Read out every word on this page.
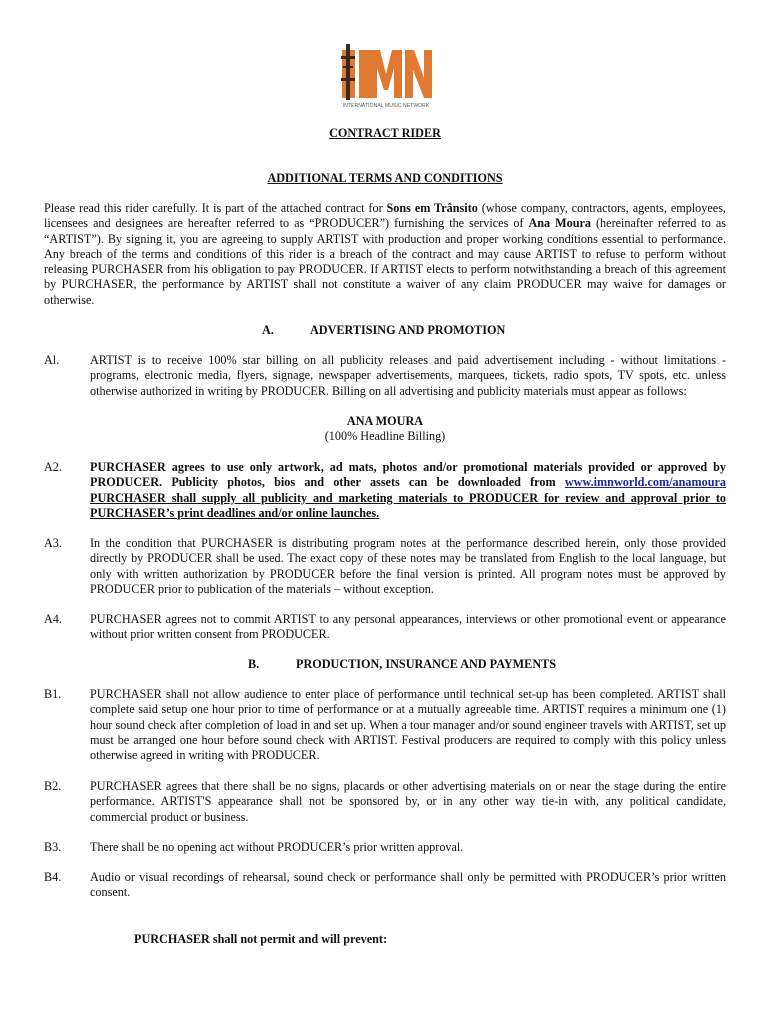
INTERNATIONAL MUSIC NETWORK
CONTRACT RIDER
ADDITIONAL TERMS AND CONDITIONS
Please read this rider carefully. It is part of the attached contract for Sons em Trânsito (whose company, contractors, agents, employees, licensees and designees are hereafter referred to as “PRODUCER”) furnishing the services of Ana Moura (hereinafter referred to as “ARTIST”). By signing it, you are agreeing to supply ARTIST with production and proper working conditions essential to performance. Any breach of the terms and conditions of this rider is a breach of the contract and may cause ARTIST to refuse to perform without releasing PURCHASER from his obligation to pay PRODUCER. If ARTIST elects to perform notwithstanding a breach of this agreement by PURCHASER, the performance by ARTIST shall not constitute a waiver of any claim PRODUCER may waive for damages or otherwise.
A.	ADVERTISING AND PROMOTION
Al.	ARTIST is to receive 100% star billing on all publicity releases and paid advertisement including - without limitations - programs, electronic media, flyers, signage, newspaper advertisements, marquees, tickets, radio spots, TV spots, etc. unless otherwise authorized in writing by PRODUCER. Billing on all advertising and publicity materials must appear as follows:
ANA MOURA
(100% Headline Billing)
A2.	PURCHASER agrees to use only artwork, ad mats, photos and/or promotional materials provided or approved by PRODUCER. Publicity photos, bios and other assets can be downloaded from www.imnworld.com/anamoura PURCHASER shall supply all publicity and marketing materials to PRODUCER for review and approval prior to PURCHASER’s print deadlines and/or online launches.
A3.	In the condition that PURCHASER is distributing program notes at the performance described herein, only those provided directly by PRODUCER shall be used. The exact copy of these notes may be translated from English to the local language, but only with written authorization by PRODUCER before the final version is printed. All program notes must be approved by PRODUCER prior to publication of the materials – without exception.
A4.	PURCHASER agrees not to commit ARTIST to any personal appearances, interviews or other promotional event or appearance without prior written consent from PRODUCER.
B.	PRODUCTION, INSURANCE AND PAYMENTS
B1.	PURCHASER shall not allow audience to enter place of performance until technical set-up has been completed. ARTIST shall complete said setup one hour prior to time of performance or at a mutually agreeable time. ARTIST requires a minimum one (1) hour sound check after completion of load in and set up. When a tour manager and/or sound engineer travels with ARTIST, set up must be arranged one hour before sound check with ARTIST. Festival producers are required to comply with this policy unless otherwise agreed in writing with PRODUCER.
B2.	PURCHASER agrees that there shall be no signs, placards or other advertising materials on or near the stage during the entire performance. ARTIST'S appearance shall not be sponsored by, or in any other way tie-in with, any political candidate, commercial product or business.
B3.	There shall be no opening act without PRODUCER’s prior written approval.
B4.	Audio or visual recordings of rehearsal, sound check or performance shall only be permitted with PRODUCER’s prior written consent.
PURCHASER shall not permit and will prevent:
